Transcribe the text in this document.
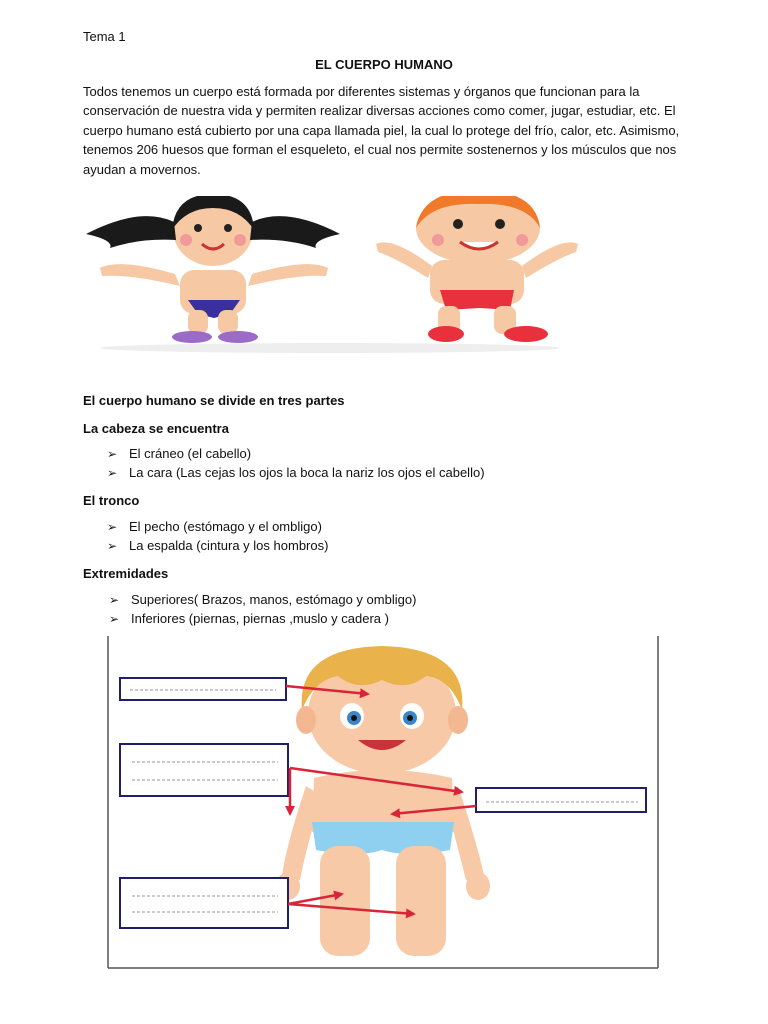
Tema 1
EL CUERPO HUMANO

Todos tenemos un cuerpo está formada por diferentes sistemas y órganos que funcionan para la

conservación de nuestra vida y permiten realizar diversas acciones como comer, jugar, estudiar, etc. El

cuerpo humano está cubierto por una capa llamada piel, la cual lo protege del frío, calor, etc. Asimismo,

tenemos 206 huesos que forman el esqueleto, el cual nos permite sostenernos y los músculos que nos

ayudan a movernos.

El cuerpo humano se divide en tres partes
La cabeza se encuentra
➢ El cráneo (el cabello)
➢ La cara (Las cejas los ojos la boca la nariz los ojos el cabello)
El tronco
➢ El pecho (estómago y el ombligo)
➢ La espalda (cintura y los hombros)
Extremidades
➢ Superiores( Brazos, manos, estómago y ombligo)
➢ Inferiores (piernas, piernas ,muslo y cadera )
